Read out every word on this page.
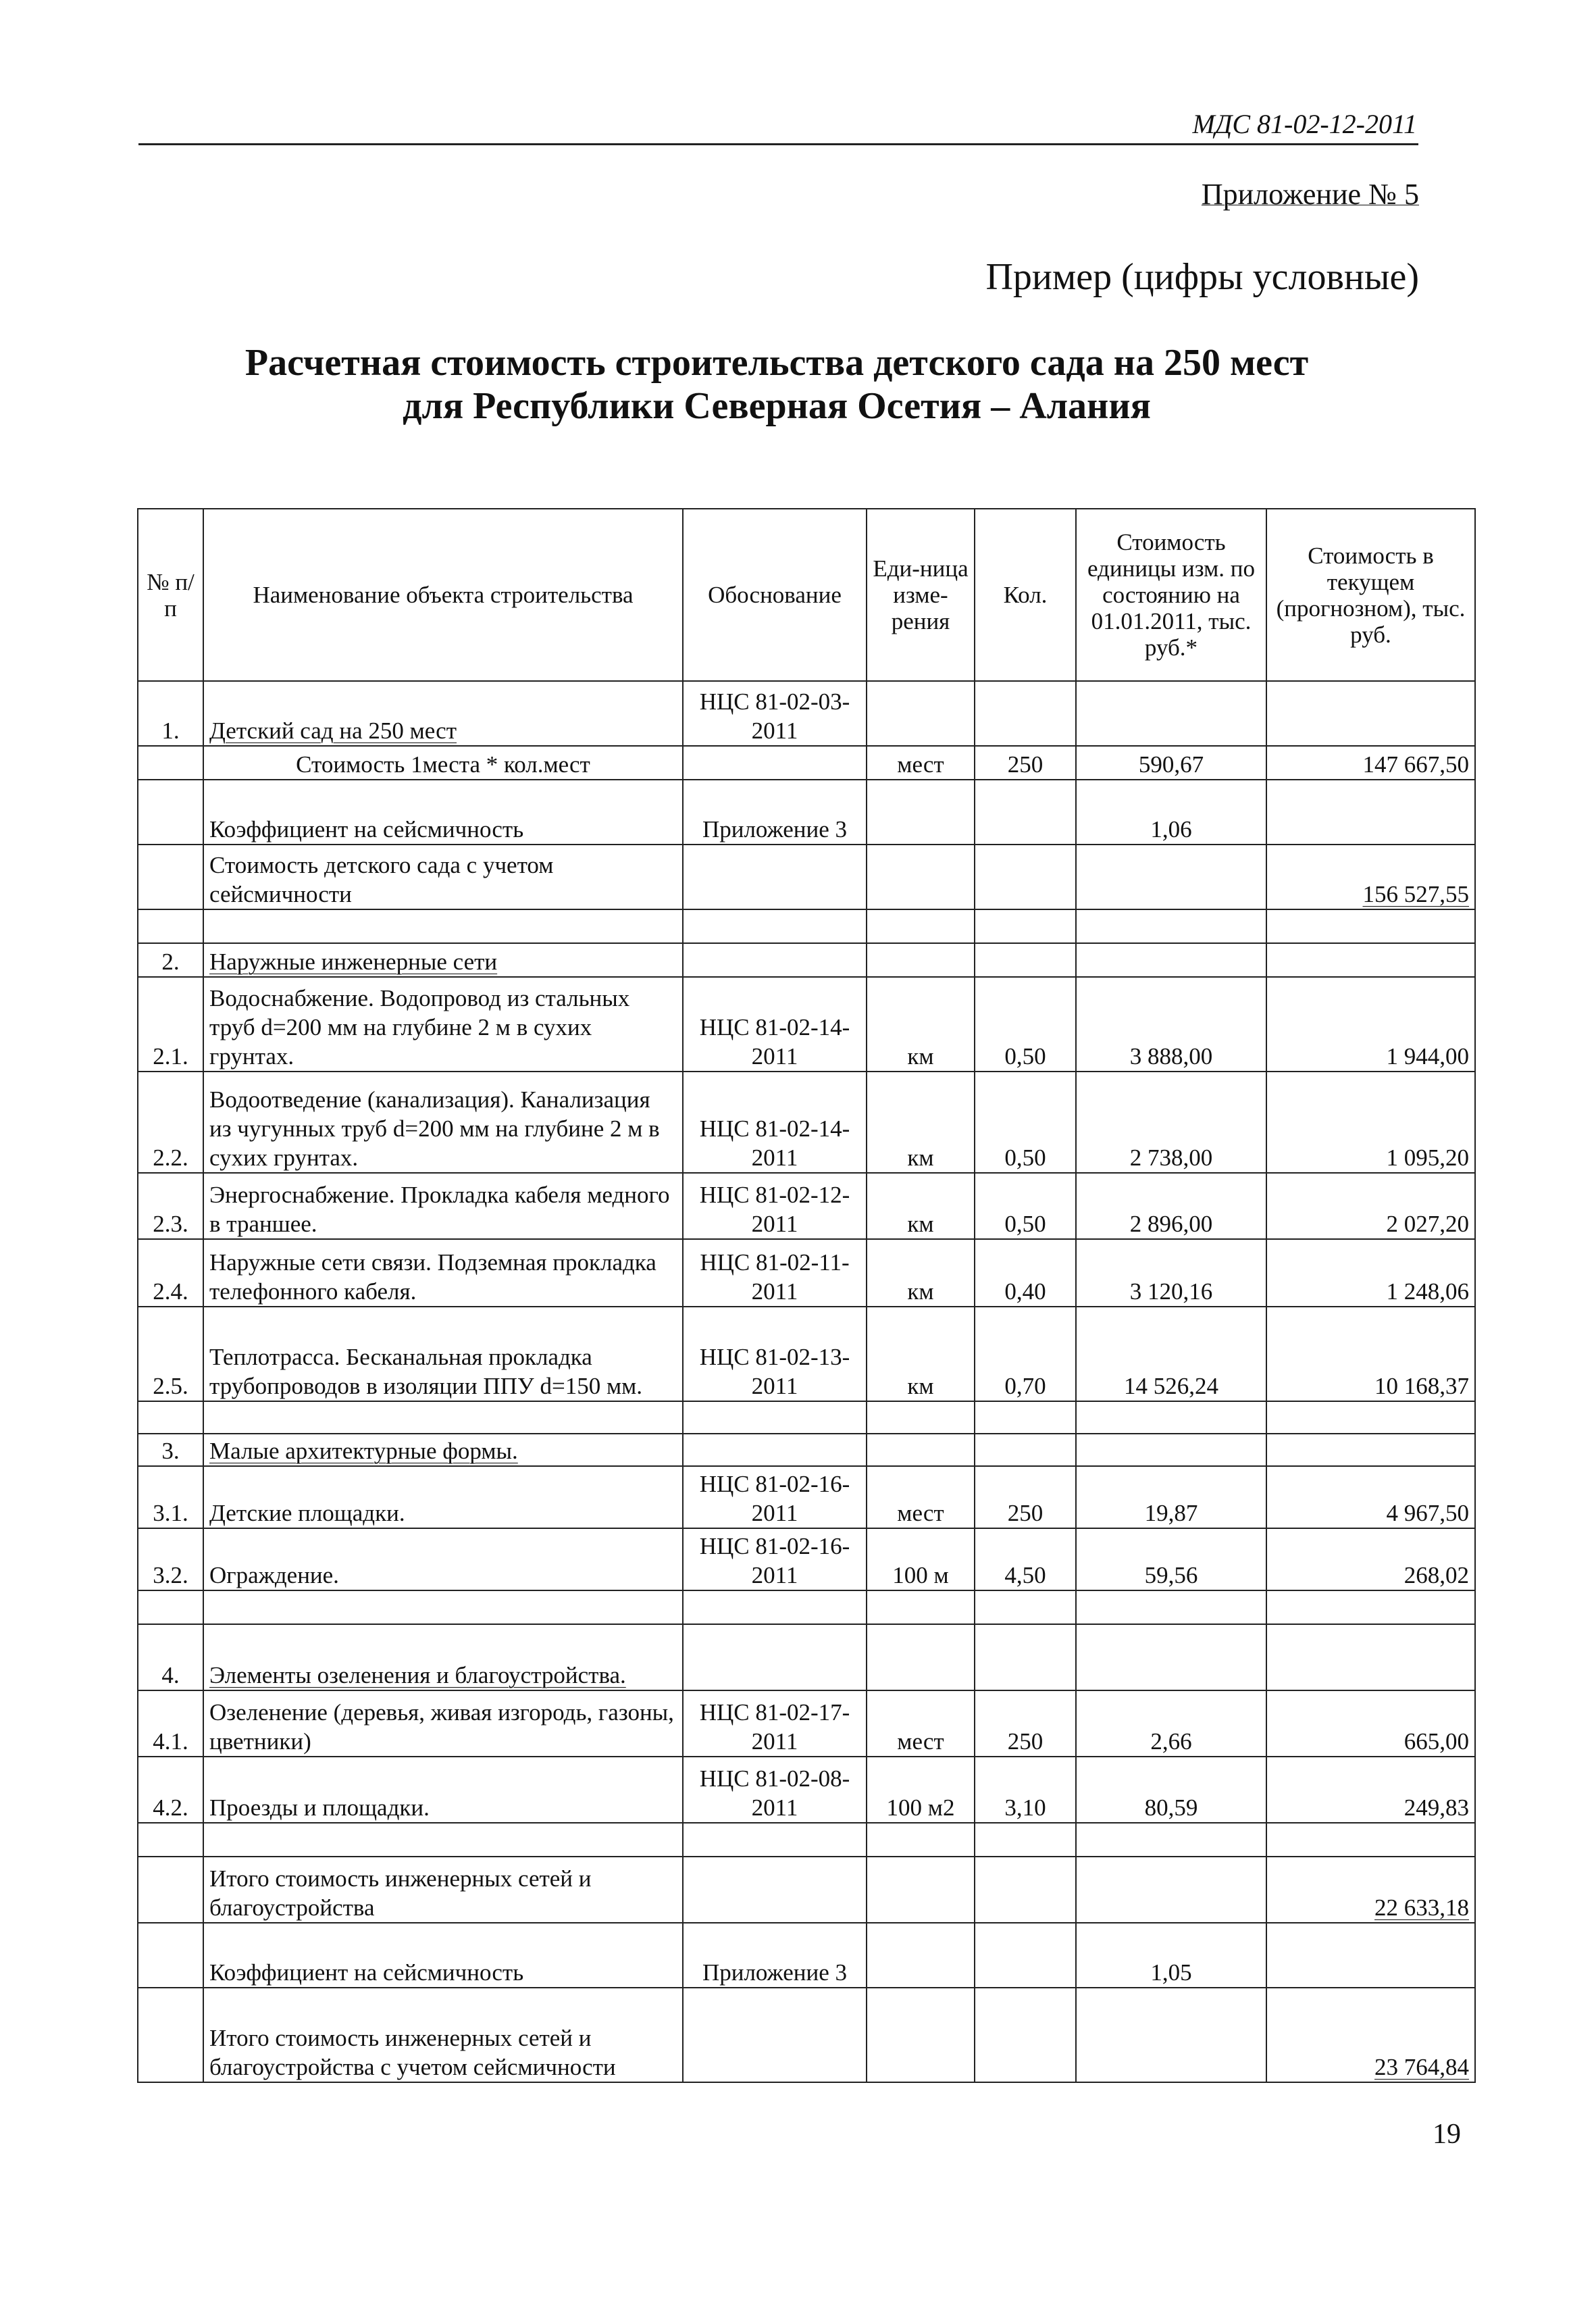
МДС 81-02-12-2011
Приложение № 5
Пример (цифры условные)
Расчетная стоимость строительства детского сада на 250 мест
для Республики Северная Осетия – Алания
№ п/п	Наименование объекта строительства	Обоснование	Еди-ница изме-рения	Кол.	Стоимость единицы изм. по состоянию на 01.01.2011, тыс. руб.*	Стоимость в текущем (прогнозном), тыс. руб.
1.	Детский сад на 250 мест	НЦС 81-02-03-2011				
	Стоимость 1места * кол.мест		мест	250	590,67	147 667,50
	Коэффициент на сейсмичность	Приложение 3			1,06	
	Стоимость детского сада с учетом сейсмичности					156 527,55

2.	Наружные инженерные сети					
2.1.	Водоснабжение. Водопровод из стальных труб d=200 мм на глубине 2 м в сухих грунтах.	НЦС 81-02-14-2011	км	0,50	3 888,00	1 944,00
2.2.	Водоотведение (канализация). Канализация из чугунных труб d=200 мм на глубине 2 м в сухих грунтах.	НЦС 81-02-14-2011	км	0,50	2 738,00	1 095,20
2.3.	Энергоснабжение. Прокладка кабеля медного в траншее.	НЦС 81-02-12-2011	км	0,50	2 896,00	2 027,20
2.4.	Наружные сети связи. Подземная прокладка телефонного кабеля.	НЦС 81-02-11-2011	км	0,40	3 120,16	1 248,06
2.5.	Теплотрасса. Бесканальная прокладка трубопроводов в изоляции ППУ d=150 мм.	НЦС 81-02-13-2011	км	0,70	14 526,24	10 168,37

3.	Малые архитектурные формы.					
3.1.	Детские площадки.	НЦС 81-02-16-2011	мест	250	19,87	4 967,50
3.2.	Ограждение.	НЦС 81-02-16-2011	100 м	4,50	59,56	268,02

4.	Элементы озеленения и благоустройства.					
4.1.	Озеленение (деревья, живая изгородь, газоны, цветники)	НЦС 81-02-17-2011	мест	250	2,66	665,00
4.2.	Проезды и площадки.	НЦС 81-02-08-2011	100 м2	3,10	80,59	249,83

	Итого стоимость инженерных сетей и благоустройства					22 633,18
	Коэффициент на сейсмичность	Приложение 3			1,05	
	Итого стоимость инженерных сетей и благоустройства с учетом сейсмичности					23 764,84
19
